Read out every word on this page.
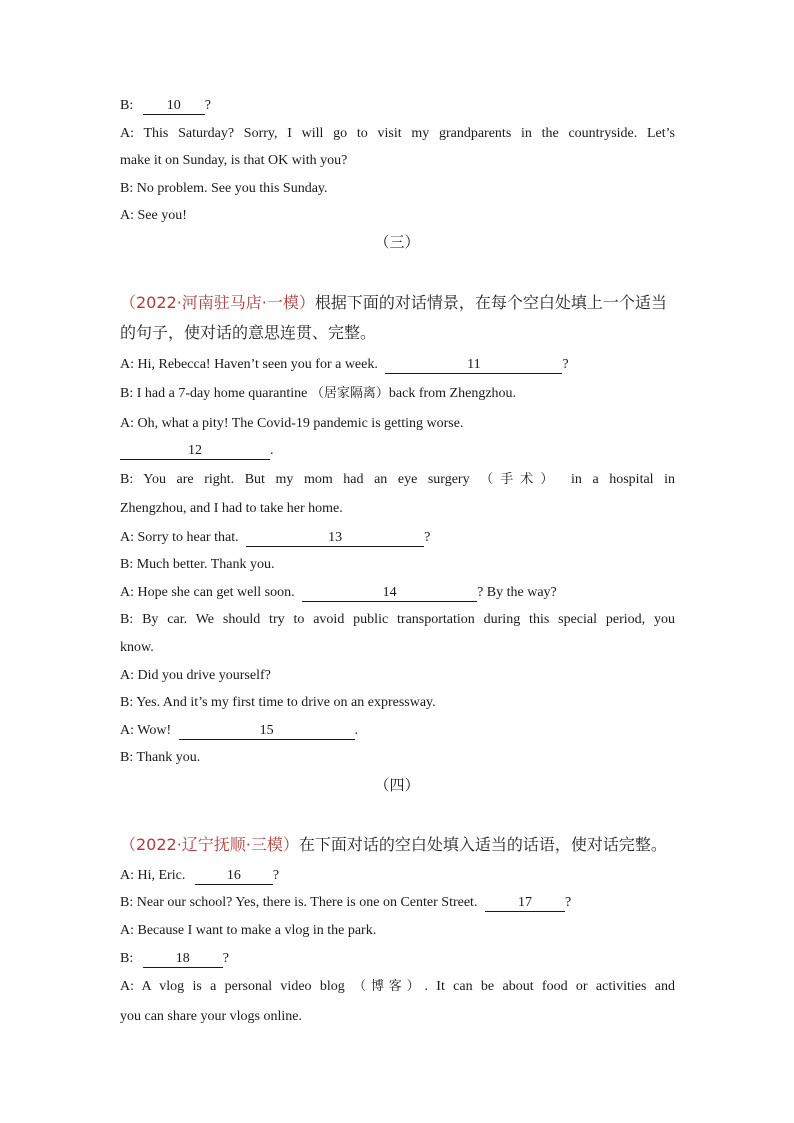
B: 10 ?
A: This Saturday? Sorry, I will go to visit my grandparents in the countryside. Let’s
make it on Sunday, is that OK with you?
B: No problem. See you this Sunday.
A: See you!
（三）
（2022·河南驻马店·一模）根据下面的对话情景，在每个空白处填上一个适当
的句子，使对话的意思连贯、完整。
A: Hi, Rebecca! Haven’t seen you for a week.	11	?
B: I had a 7-day home quarantine （居家隔离）back from Zhengzhou.
A: Oh, what a pity! The Covid-19 pandemic is getting worse.
12	.
B: You are right. But my mom had an eye surgery （手术） in a hospital in
Zhengzhou, and I had to take her home.
A: Sorry to hear that.	13	?
B: Much better. Thank you.
A: Hope she can get well soon.	14	? By the way?
B: By car. We should try to avoid public transportation during this special period, you
know.
A: Did you drive yourself?
B: Yes. And it’s my first time to drive on an expressway.
A: Wow!	15	.
B: Thank you.
（四）
（2022·辽宁抚顺·三模）在下面对话的空白处填入适当的话语，使对话完整。
A: Hi, Eric.	16 ?
B: Near our school? Yes, there is. There is one on Center Street.	17 ?
A: Because I want to make a vlog in the park.
B:	18 ?
A: A vlog is a personal video blog （博客）. It can be about food or activities and
you can share your vlogs online.
